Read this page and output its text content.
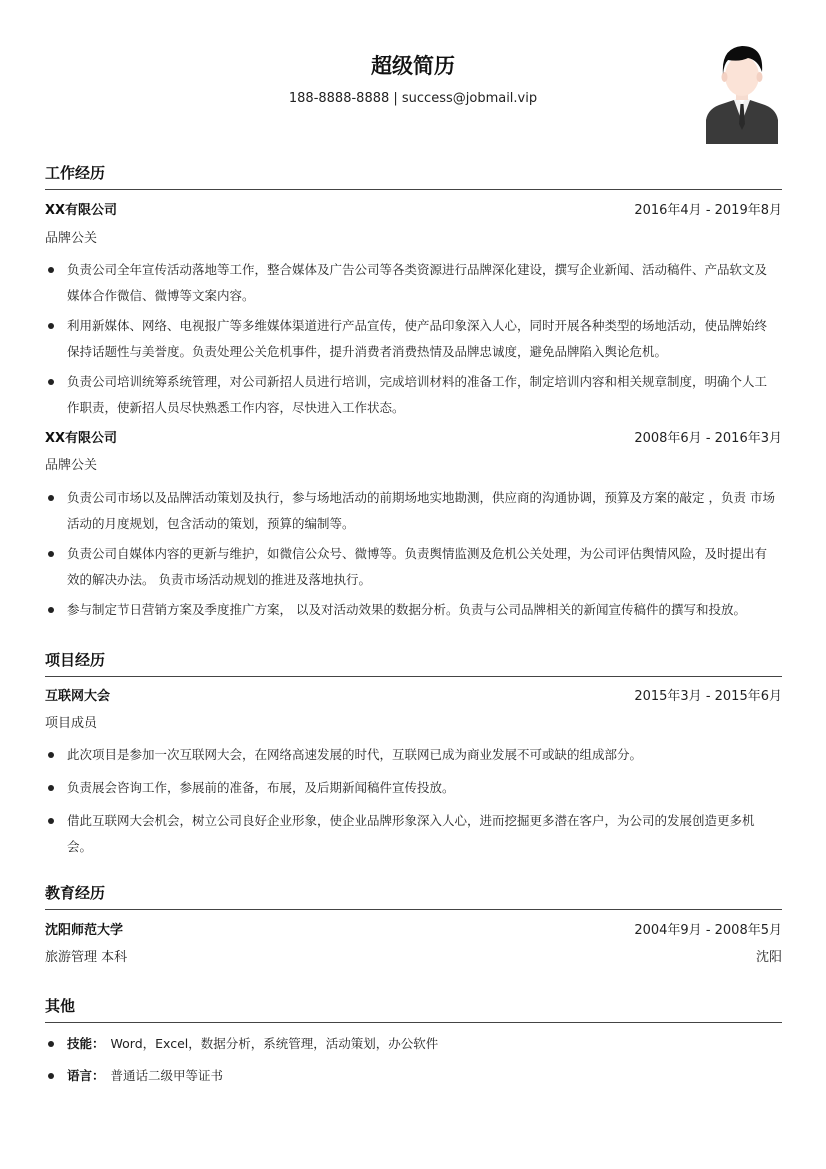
超级简历
188-8888-8888 | success@jobmail.vip
工作经历
XX有限公司	2016年4月 - 2019年8月
品牌公关
负责公司全年宣传活动落地等工作，整合媒体及广告公司等各类资源进行品牌深化建设，撰写企业新闻、活动稿件、产品软文及媒体合作微信、微博等文案内容。
利用新媒体、网络、电视报广等多维媒体渠道进行产品宣传，使产品印象深入人心，同时开展各种类型的场地活动，使品牌始终保持话题性与美誉度。负责处理公关危机事件，提升消费者消费热情及品牌忠诚度，避免品牌陷入舆论危机。
负责公司培训统筹系统管理，对公司新招人员进行培训，完成培训材料的准备工作，制定培训内容和相关规章制度，明确个人工作职责，使新招人员尽快熟悉工作内容，尽快进入工作状态。
XX有限公司	2008年6月 - 2016年3月
品牌公关
负责公司市场以及品牌活动策划及执行，参与场地活动的前期场地实地勘测，供应商的沟通协调，预算及方案的敲定 ，负责 市场活动的月度规划，包含活动的策划，预算的编制等。
负责公司自媒体内容的更新与维护，如微信公众号、微博等。负责舆情监测及危机公关处理，为公司评估舆情风险，及时提出有效的解决办法。 负责市场活动规划的推进及落地执行。
参与制定节日营销方案及季度推广方案， 以及对活动效果的数据分析。负责与公司品牌相关的新闻宣传稿件的撰写和投放。
项目经历
互联网大会	2015年3月 - 2015年6月
项目成员
此次项目是参加一次互联网大会，在网络高速发展的时代，互联网已成为商业发展不可或缺的组成部分。
负责展会咨询工作，参展前的准备，布展，及后期新闻稿件宣传投放。
借此互联网大会机会，树立公司良好企业形象，使企业品牌形象深入人心，进而挖掘更多潜在客户，为公司的发展创造更多机会。
教育经历
沈阳师范大学	2004年9月 - 2008年5月
旅游管理 本科	沈阳
其他
技能： Word，Excel，数据分析，系统管理，活动策划，办公软件
语言： 普通话二级甲等证书
